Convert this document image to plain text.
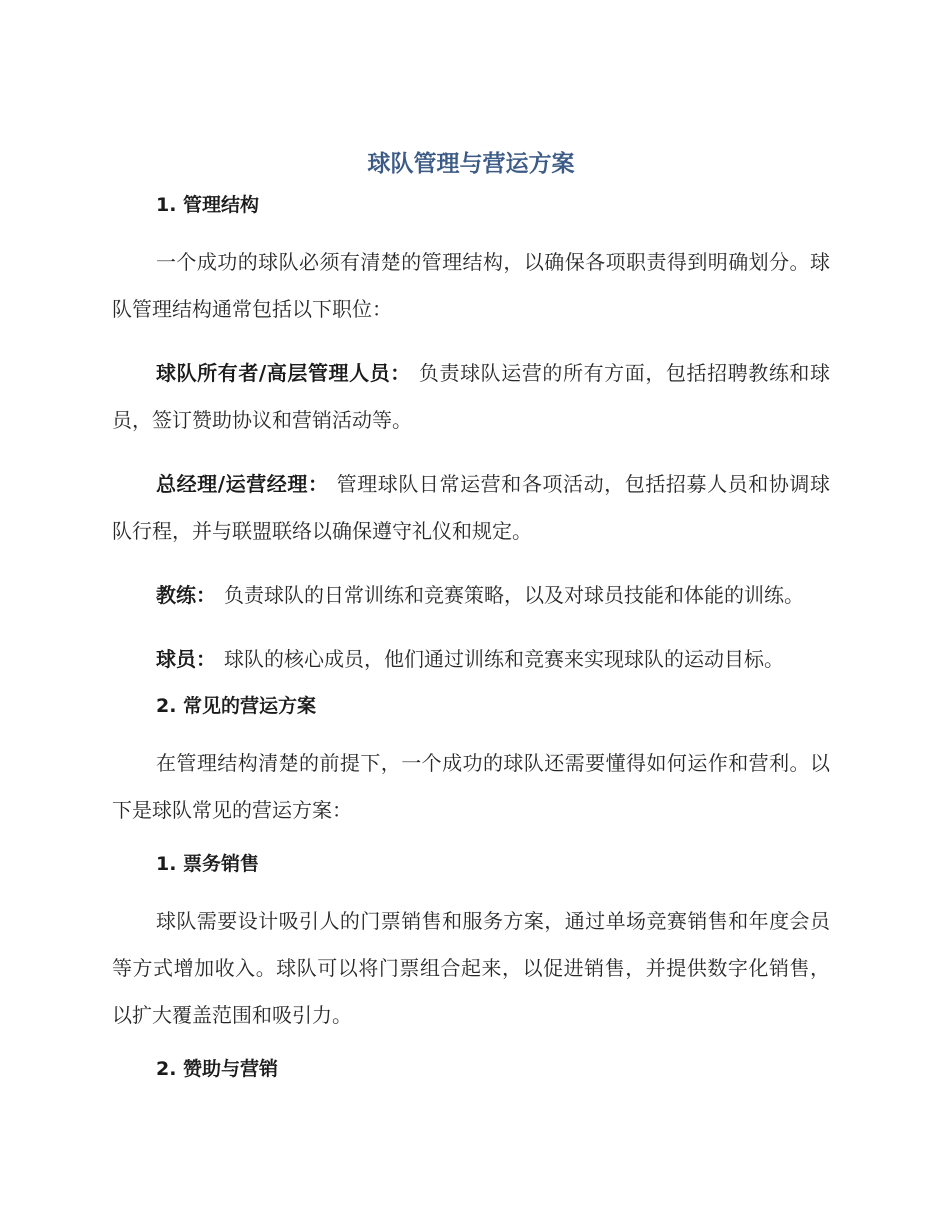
球队管理与营运方案
1. 管理结构

一个成功的球队必须有清楚的管理结构，以确保各项职责得到明确划分。球队管理结构通常包括以下职位：

球队所有者/高层管理人员： 负责球队运营的所有方面，包括招聘教练和球员，签订赞助协议和营销活动等。

总经理/运营经理： 管理球队日常运营和各项活动，包括招募人员和协调球队行程，并与联盟联络以确保遵守礼仪和规定。

教练： 负责球队的日常训练和竞赛策略，以及对球员技能和体能的训练。

球员： 球队的核心成员，他们通过训练和竞赛来实现球队的运动目标。

2. 常见的营运方案

在管理结构清楚的前提下，一个成功的球队还需要懂得如何运作和营利。以下是球队常见的营运方案：

1. 票务销售

球队需要设计吸引人的门票销售和服务方案，通过单场竞赛销售和年度会员等方式增加收入。球队可以将门票组合起来，以促进销售，并提供数字化销售，以扩大覆盖范围和吸引力。

2. 赞助与营销
